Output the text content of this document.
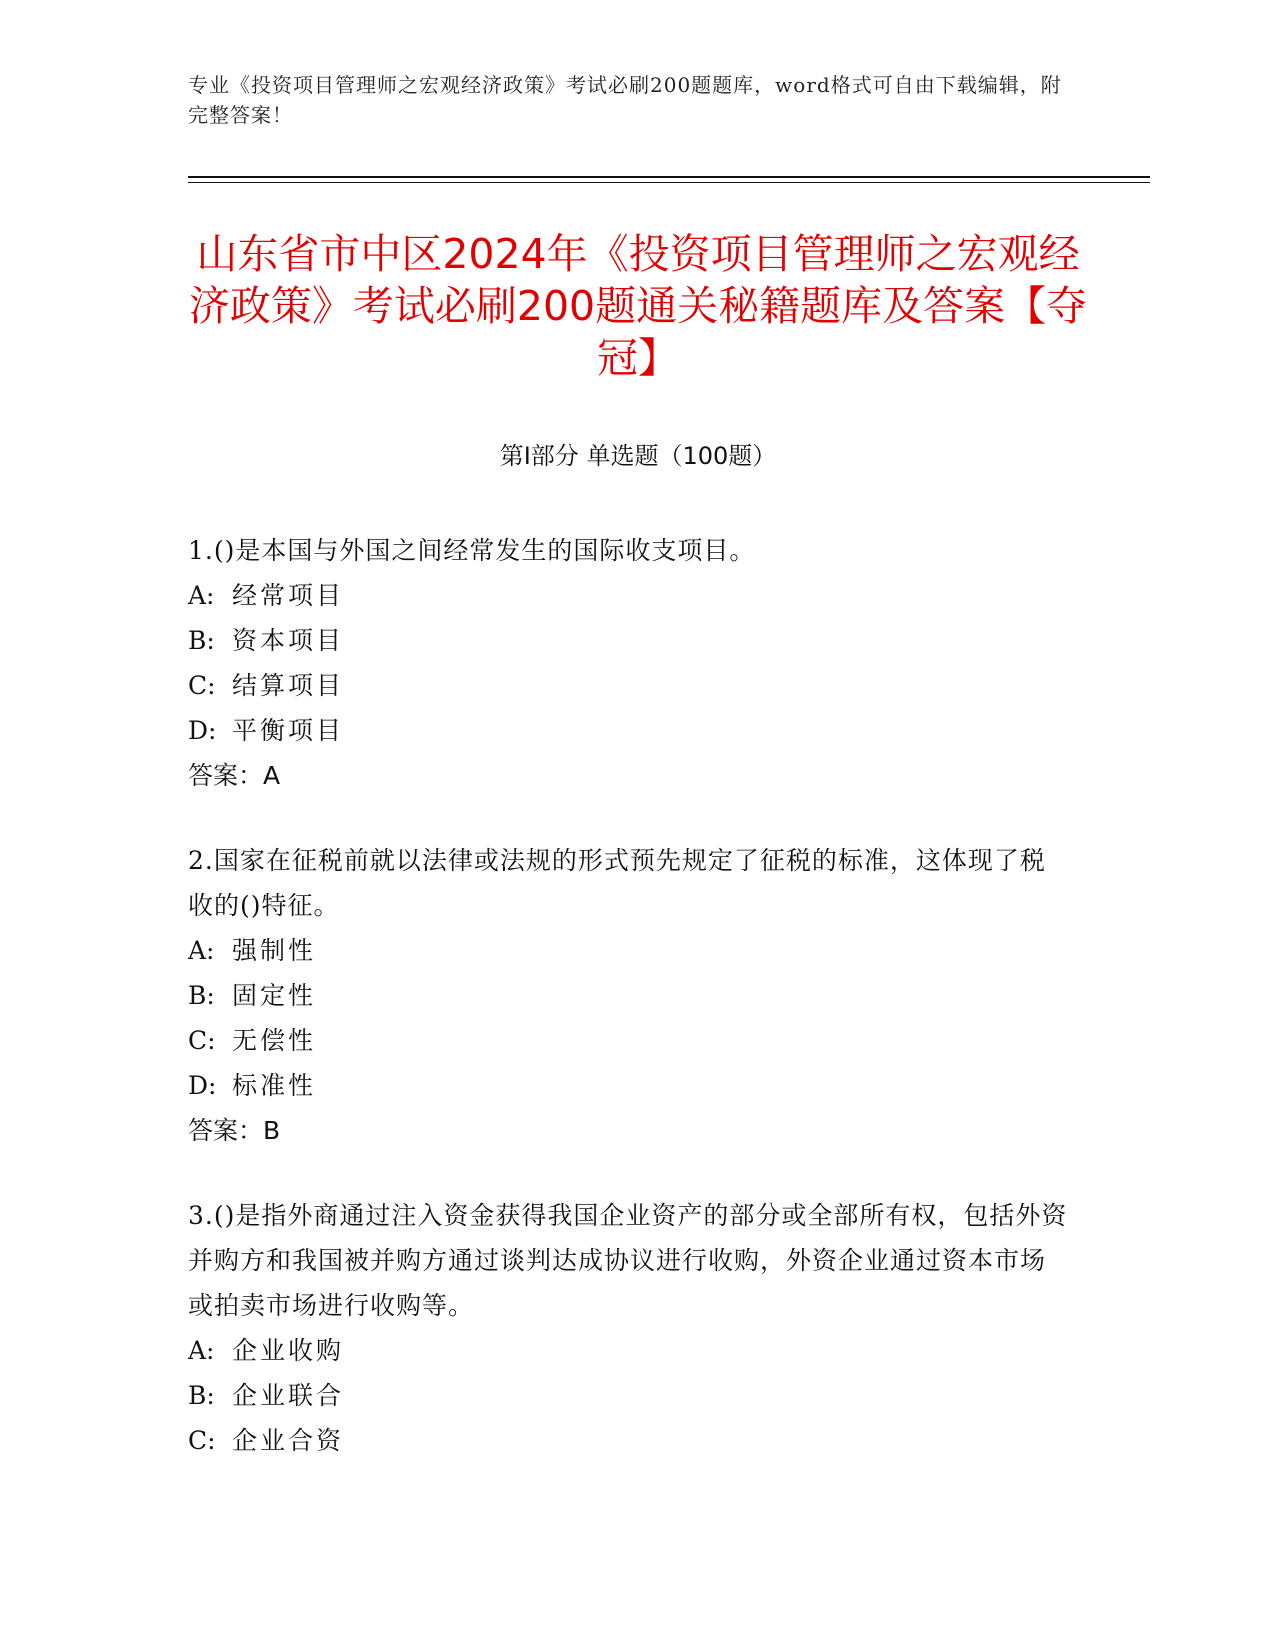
专业《投资项目管理师之宏观经济政策》考试必刷200题题库，word格式可自由下载编辑，附完整答案！
山东省市中区2024年《投资项目管理师之宏观经济政策》考试必刷200题通关秘籍题库及答案【夺冠】
第I部分 单选题（100题）
1.()是本国与外国之间经常发生的国际收支项目。
A: 经常项目
B: 资本项目
C: 结算项目
D: 平衡项目
答案：A
2.国家在征税前就以法律或法规的形式预先规定了征税的标准，这体现了税收的()特征。
A: 强制性
B: 固定性
C: 无偿性
D: 标准性
答案：B
3.()是指外商通过注入资金获得我国企业资产的部分或全部所有权，包括外资并购方和我国被并购方通过谈判达成协议进行收购，外资企业通过资本市场或拍卖市场进行收购等。
A: 企业收购
B: 企业联合
C: 企业合资
